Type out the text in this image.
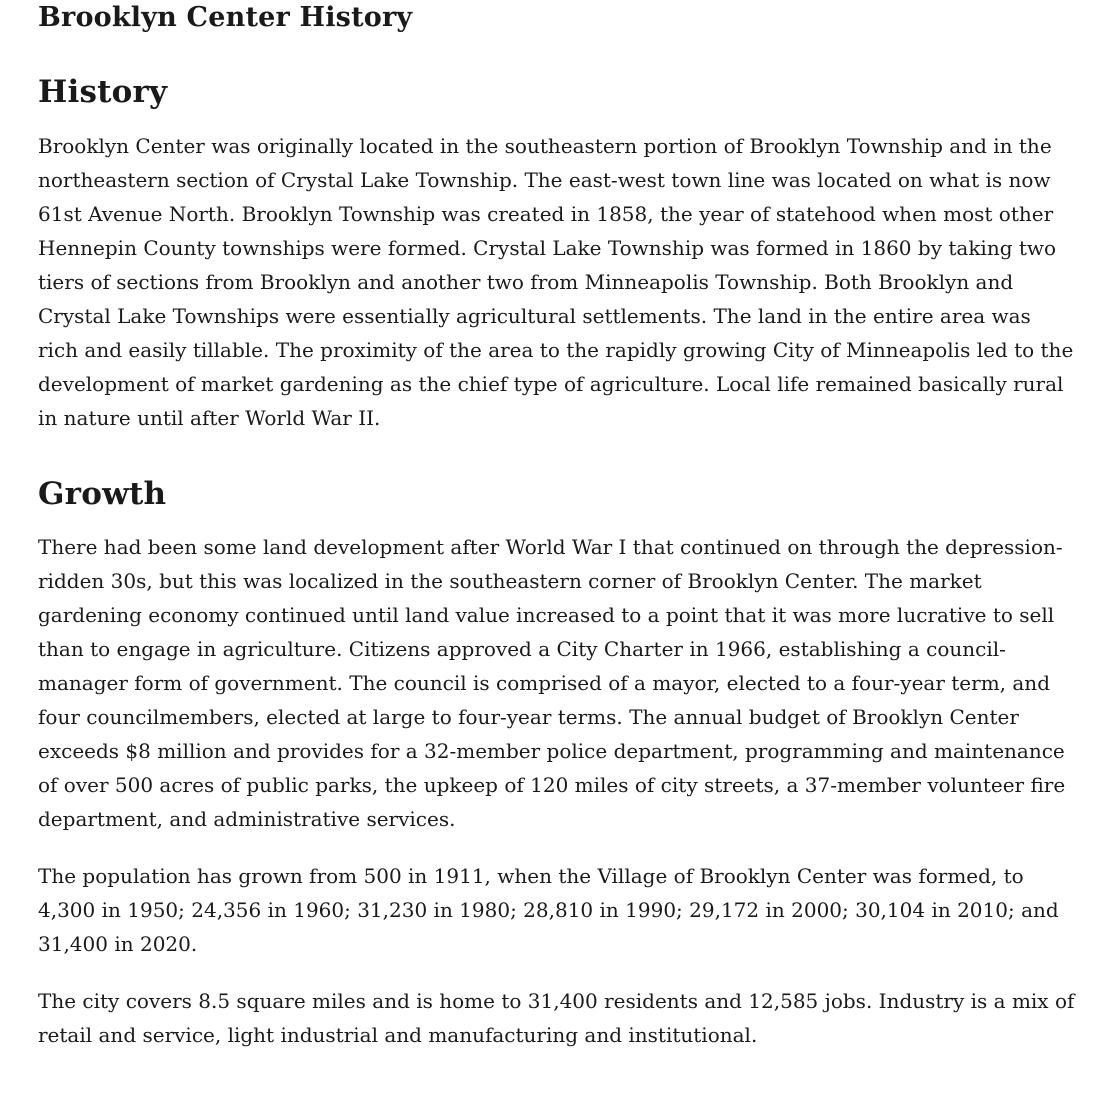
Brooklyn Center History
History

Brooklyn Center was originally located in the southeastern portion of Brooklyn Township and in the northeastern section of Crystal Lake Township. The east-west town line was located on what is now 61st Avenue North. Brooklyn Township was created in 1858, the year of statehood when most other Hennepin County townships were formed. Crystal Lake Township was formed in 1860 by taking two tiers of sections from Brooklyn and another two from Minneapolis Township. Both Brooklyn and Crystal Lake Townships were essentially agricultural settlements. The land in the entire area was rich and easily tillable. The proximity of the area to the rapidly growing City of Minneapolis led to the development of market gardening as the chief type of agriculture. Local life remained basically rural in nature until after World War II.

Growth

There had been some land development after World War I that continued on through the depression-ridden 30s, but this was localized in the southeastern corner of Brooklyn Center. The market gardening economy continued until land value increased to a point that it was more lucrative to sell than to engage in agriculture. Citizens approved a City Charter in 1966, establishing a council-manager form of government. The council is comprised of a mayor, elected to a four-year term, and four councilmembers, elected at large to four-year terms. The annual budget of Brooklyn Center exceeds $8 million and provides for a 32-member police department, programming and maintenance of over 500 acres of public parks, the upkeep of 120 miles of city streets, a 37-member volunteer fire department, and administrative services.

The population has grown from 500 in 1911, when the Village of Brooklyn Center was formed, to 4,300 in 1950; 24,356 in 1960; 31,230 in 1980; 28,810 in 1990; 29,172 in 2000; 30,104 in 2010; and 31,400 in 2020.

The city covers 8.5 square miles and is home to 31,400 residents and 12,585 jobs. Industry is a mix of retail and service, light industrial and manufacturing and institutional.
